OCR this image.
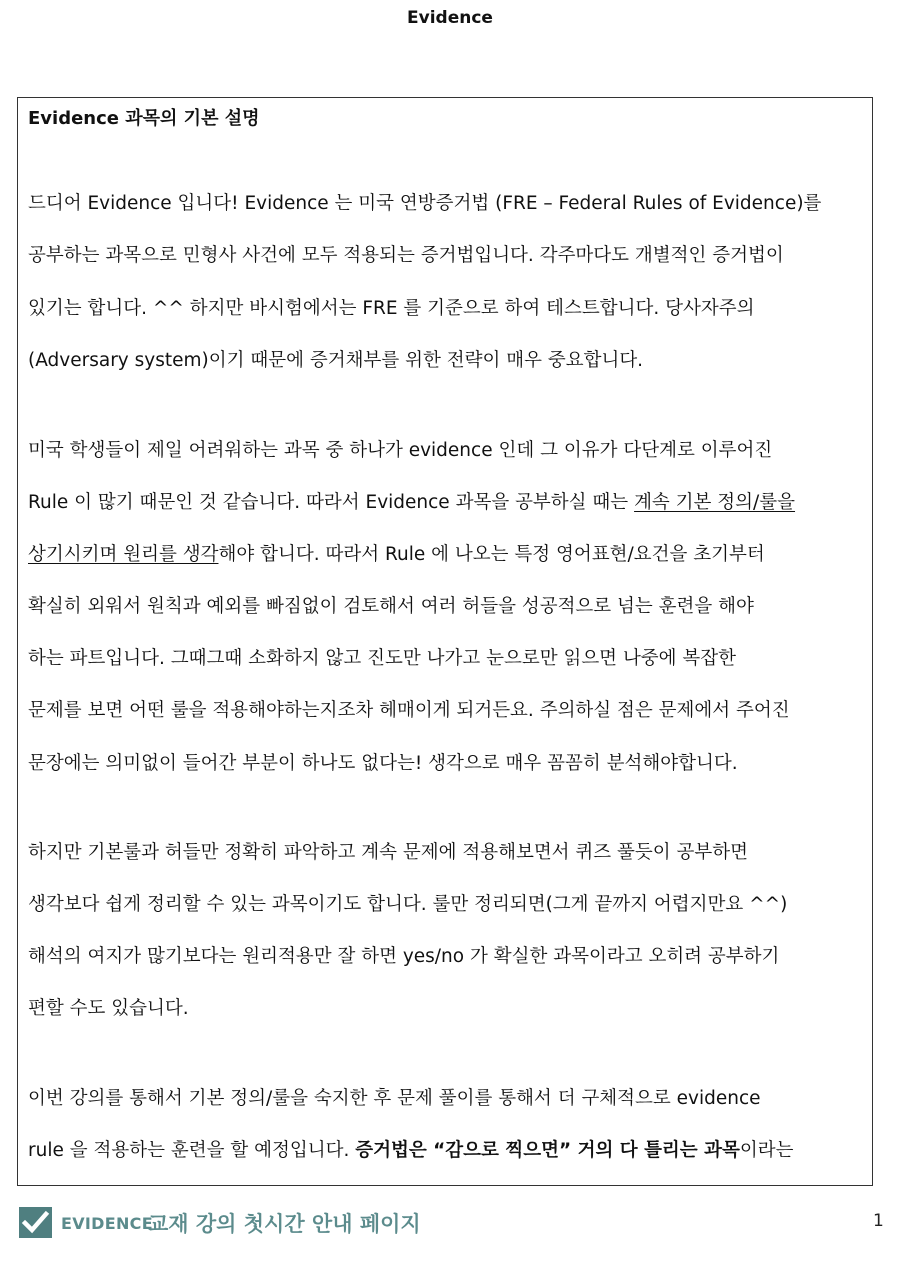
Evidence
Evidence 과목의 기본 설명
드디어 Evidence 입니다! Evidence 는 미국 연방증거법 (FRE – Federal Rules of Evidence)를
공부하는 과목으로 민형사 사건에 모두 적용되는 증거법입니다. 각주마다도 개별적인 증거법이
있기는 합니다. ^^ 하지만 바시험에서는 FRE 를 기준으로 하여 테스트합니다. 당사자주의
(Adversary system)이기 때문에 증거채부를 위한 전략이 매우 중요합니다.
미국 학생들이 제일 어려워하는 과목 중 하나가 evidence 인데 그 이유가 다단계로 이루어진
Rule 이 많기 때문인 것 같습니다. 따라서 Evidence 과목을 공부하실 때는 계속 기본 정의/룰을
상기시키며 원리를 생각해야 합니다. 따라서 Rule 에 나오는 특정 영어표현/요건을 초기부터
확실히 외워서 원칙과 예외를 빠짐없이 검토해서 여러 허들을 성공적으로 넘는 훈련을 해야
하는 파트입니다. 그때그때 소화하지 않고 진도만 나가고 눈으로만 읽으면 나중에 복잡한
문제를 보면 어떤 룰을 적용해야하는지조차 헤매이게 되거든요. 주의하실 점은 문제에서 주어진
문장에는 의미없이 들어간 부분이 하나도 없다는! 생각으로 매우 꼼꼼히 분석해야합니다.
하지만 기본룰과 허들만 정확히 파악하고 계속 문제에 적용해보면서 퀴즈 풀듯이 공부하면
생각보다 쉽게 정리할 수 있는 과목이기도 합니다. 룰만 정리되면(그게 끝까지 어렵지만요 ^^)
해석의 여지가 많기보다는 원리적용만 잘 하면 yes/no 가 확실한 과목이라고 오히려 공부하기
편할 수도 있습니다.
이번 강의를 통해서 기본 정의/룰을 숙지한 후 문제 풀이를 통해서 더 구체적으로 evidence
rule 을 적용하는 훈련을 할 예정입니다. 증거법은 “감으로 찍으면” 거의 다 틀리는 과목이라는
EVIDENCE
교재 강의 첫시간 안내 페이지	1
